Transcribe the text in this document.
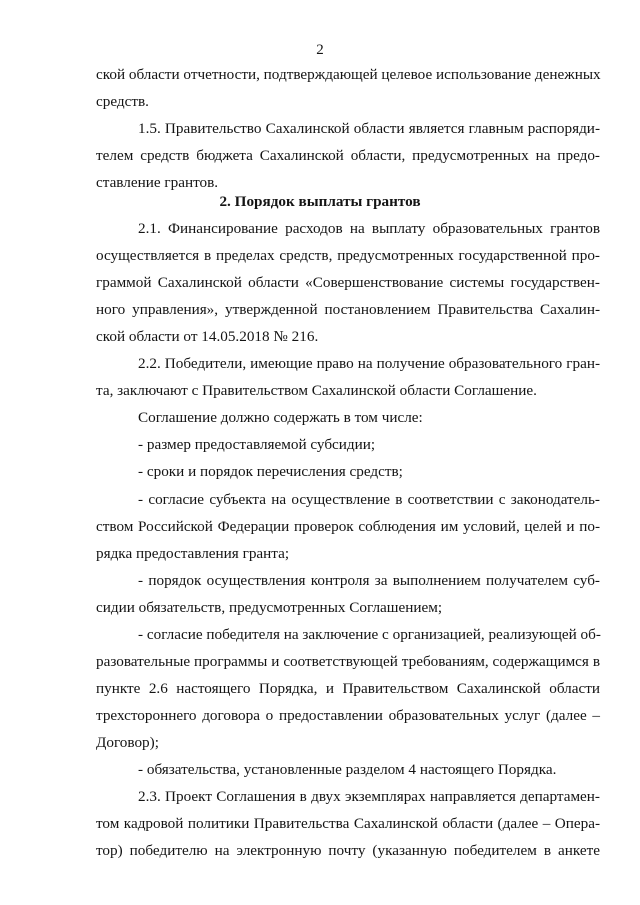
2
ской области отчетности, подтверждающей целевое использование денежных
средств.
1.5. Правительство Сахалинской области является главным распоряди-
телем средств бюджета Сахалинской области, предусмотренных на предо-
ставление грантов.
2. Порядок выплаты грантов
2.1. Финансирование расходов на выплату образовательных грантов
осуществляется в пределах средств, предусмотренных государственной про-
граммой Сахалинской области «Совершенствование системы государствен-
ного управления», утвержденной постановлением Правительства Сахалин-
ской области от 14.05.2018 № 216.
2.2. Победители, имеющие право на получение образовательного гран-
та, заключают с Правительством Сахалинской области Соглашение.
Соглашение должно содержать в том числе:
- размер предоставляемой субсидии;
- сроки и порядок перечисления средств;
- согласие субъекта на осуществление в соответствии с законодатель-
ством Российской Федерации проверок соблюдения им условий, целей и по-
рядка предоставления гранта;
- порядок осуществления контроля за выполнением получателем суб-
сидии обязательств, предусмотренных Соглашением;
- согласие победителя на заключение с организацией, реализующей об-
разовательные программы и соответствующей требованиям, содержащимся в
пункте 2.6 настоящего Порядка, и Правительством Сахалинской области
трехстороннего договора о предоставлении образовательных услуг (далее –
Договор);
- обязательства, установленные разделом 4 настоящего Порядка.
2.3. Проект Соглашения в двух экземплярах направляется департамен-
том кадровой политики Правительства Сахалинской области (далее – Опера-
тор) победителю на электронную почту (указанную победителем в анкете
